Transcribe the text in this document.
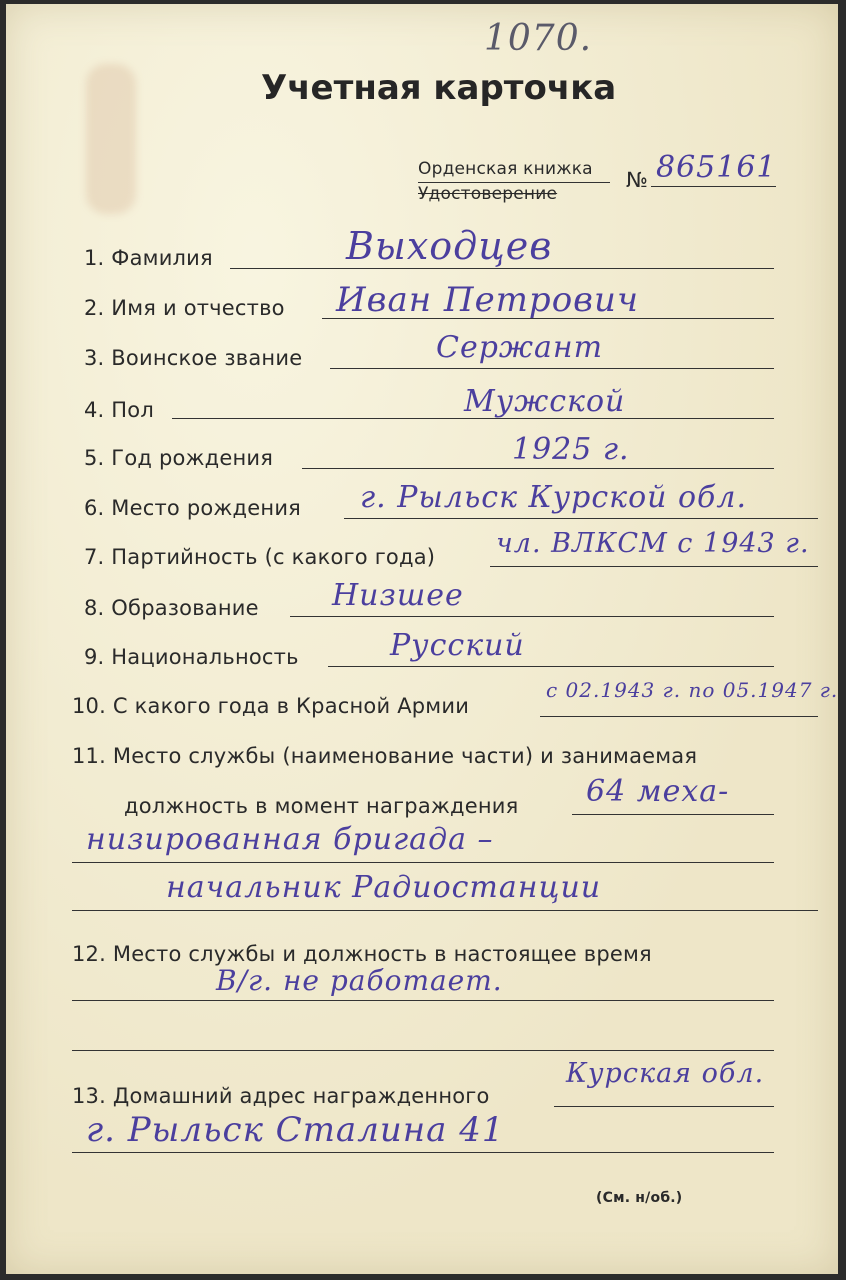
1070.
Учетная карточка
Орденская книжка
Удостоверение
№ 865161
1. Фамилия	Выходцев
2. Имя и отчество Иван Петрович
3. Воинское звание	Сержант
4. Пол	Мужской
5. Год рождения	1925 г.
6. Место рождения г. Рыльск Курской обл.
7. Партийность (с какого года) чл. ВЛКСМ с 1943 г.
8. Образование Низшее
9. Национальность	Русский
10. С какого года в Красной Армии
с 02.1943 г. по 05.1947 г.
11. Место службы (наименование части) и занимаемая
должность в момент награждения 64 меха-
низированная бригада –
начальник Радиостанции
12. Место службы и должность в настоящее время
В/г. не работает.
13. Домашний адрес награжденного
Курская обл.
г. Рыльск Сталина 41
(См. н/об.)
